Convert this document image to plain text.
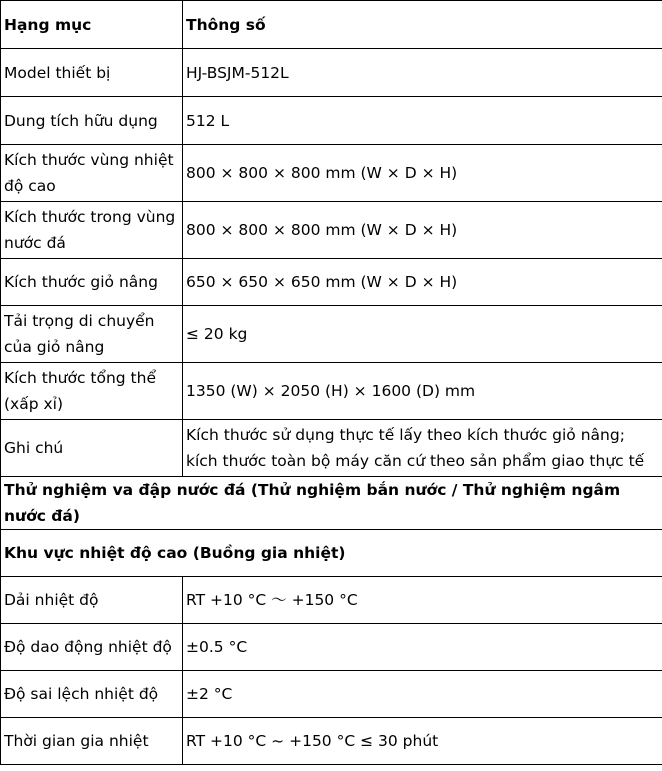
Hạng mục	Thông số
Model thiết bị	HJ-BSJM-512L
Dung tích hữu dụng	512 L
Kích thước vùng nhiệt độ cao	800 × 800 × 800 mm (W × D × H)
Kích thước trong vùng nước đá	800 × 800 × 800 mm (W × D × H)
Kích thước giỏ nâng	650 × 650 × 650 mm (W × D × H)
Tải trọng di chuyển của giỏ nâng	≤ 20 kg
Kích thước tổng thể (xấp xỉ)	1350 (W) × 2050 (H) × 1600 (D) mm
Ghi chú	Kích thước sử dụng thực tế lấy theo kích thước giỏ nâng; kích thước toàn bộ máy căn cứ theo sản phẩm giao thực tế
Thử nghiệm va đập nước đá (Thử nghiệm bắn nước / Thử nghiệm ngâm nước đá)	
Khu vực nhiệt độ cao (Buồng gia nhiệt)	
Dải nhiệt độ	RT +10 °C ～ +150 °C
Độ dao động nhiệt độ	±0.5 °C
Độ sai lệch nhiệt độ	±2 °C
Thời gian gia nhiệt	RT +10 °C ~ +150 °C ≤ 30 phút
